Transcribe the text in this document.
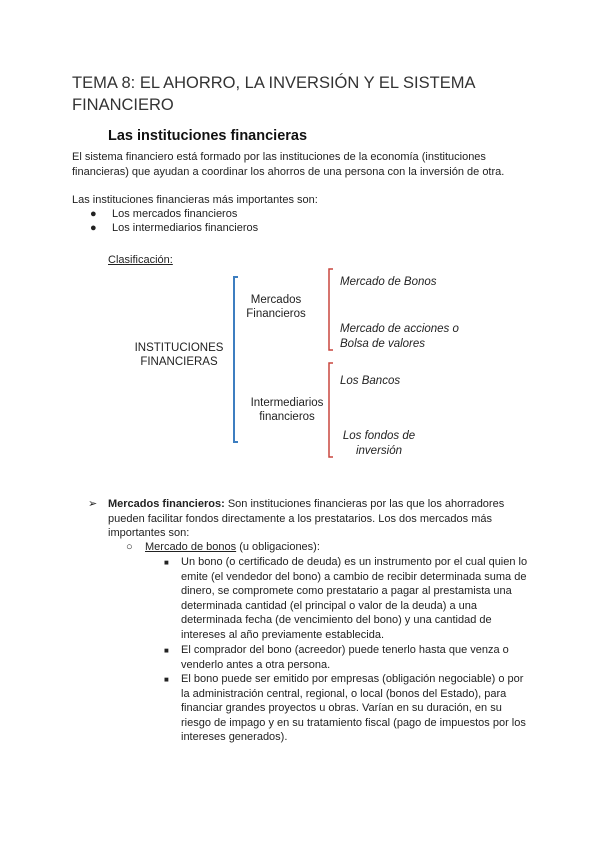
TEMA 8: EL AHORRO, LA INVERSIÓN Y EL SISTEMA FINANCIERO
Las instituciones financieras
El sistema financiero está formado por las instituciones de la economía (instituciones financieras) que ayudan a coordinar los ahorros de una persona con la inversión de otra.
Las instituciones financieras más importantes son:
● Los mercados financieros
● Los intermediarios financieros
Clasificación:
INSTITUCIONES FINANCIERAS
Mercados Financieros
Intermediarios financieros
Mercado de Bonos
Mercado de acciones o Bolsa de valores
Los Bancos
Los fondos de inversión
➢ Mercados financieros: Son instituciones financieras por las que los ahorradores pueden facilitar fondos directamente a los prestatarios. Los dos mercados más importantes son:
○ Mercado de bonos (u obligaciones):
■ Un bono (o certificado de deuda) es un instrumento por el cual quien lo emite (el vendedor del bono) a cambio de recibir determinada suma de dinero, se compromete como prestatario a pagar al prestamista una determinada cantidad (el principal o valor de la deuda) a una determinada fecha (de vencimiento del bono) y una cantidad de intereses al año previamente establecida.
■ El comprador del bono (acreedor) puede tenerlo hasta que venza o venderlo antes a otra persona.
■ El bono puede ser emitido por empresas (obligación negociable) o por la administración central, regional, o local (bonos del Estado), para financiar grandes proyectos u obras. Varían en su duración, en su riesgo de impago y en su tratamiento fiscal (pago de impuestos por los intereses generados).
